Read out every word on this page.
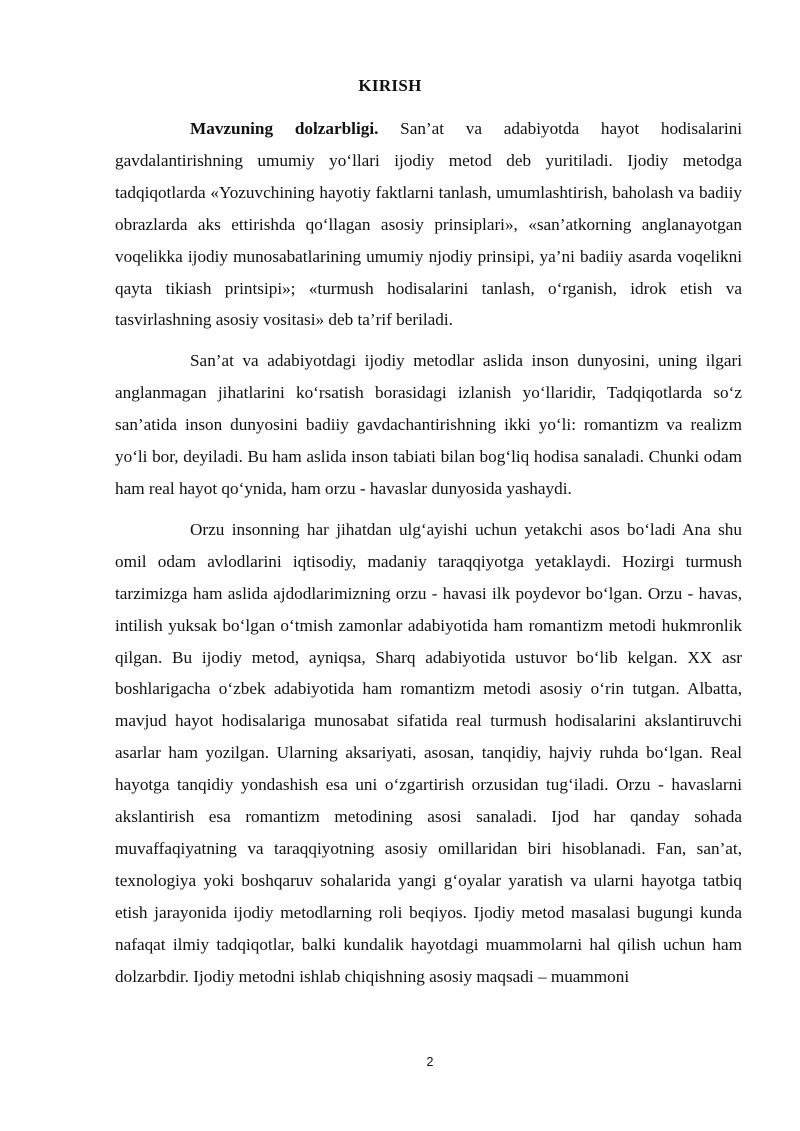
KIRISH

Mavzuning dolzarbligi. San’at va adabiyotda hayot hodisalarini gavdalantirishning umumiy yo‘llari ijodiy metod deb yuritiladi. Ijodiy metodga tadqiqotlarda «Yozuvchining hayotiy faktlarni tanlash, umumlashtirish, baholash va badiiy obrazlarda aks ettirishda qo‘llagan asosiy prinsiplari», «san’atkorning anglanayotgan voqelikka ijodiy munosabatlarining umumiy njodiy prinsipi, ya’ni badiiy asarda voqelikni qayta tikiash printsipi»; «turmush hodisalarini tanlash, o‘rganish, idrok etish va tasvirlashning asosiy vositasi» deb ta’rif beriladi.

San’at va adabiyotdagi ijodiy metodlar aslida inson dunyosini, uning ilgari anglanmagan jihatlarini ko‘rsatish borasidagi izlanish yo‘llaridir, Tadqiqotlarda so‘z san’atida inson dunyosini badiiy gavdachantirishning ikki yo‘li: romantizm va realizm yo‘li bor, deyiladi. Bu ham aslida inson tabiati bilan bog‘liq hodisa sanaladi. Chunki odam ham real hayot qo‘ynida, ham orzu - havaslar dunyosida yashaydi.

Orzu insonning har jihatdan ulg‘ayishi uchun yetakchi asos bo‘ladi Ana shu omil odam avlodlarini iqtisodiy, madaniy taraqqiyotga yetaklaydi. Hozirgi turmush tarzimizga ham aslida ajdodlarimizning orzu - havasi ilk poydevor bo‘lgan. Orzu - havas, intilish yuksak bo‘lgan o‘tmish zamonlar adabiyotida ham romantizm metodi hukmronlik qilgan. Bu ijodiy metod, ayniqsa, Sharq adabiyotida ustuvor bo‘lib kelgan. XX asr boshlarigacha o‘zbek adabiyotida ham romantizm metodi asosiy o‘rin tutgan. Albatta, mavjud hayot hodisalariga munosabat sifatida real turmush hodisalarini akslantiruvchi asarlar ham yozilgan. Ularning aksariyati, asosan, tanqidiy, hajviy ruhda bo‘lgan. Real hayotga tanqidiy yondashish esa uni o‘zgartirish orzusidan tug‘iladi. Orzu - havaslarni akslantirish esa romantizm metodining asosi sanaladi. Ijod har qanday sohada muvaffaqiyatning va taraqqiyotning asosiy omillaridan biri hisoblanadi. Fan, san’at, texnologiya yoki boshqaruv sohalarida yangi g‘oyalar yaratish va ularni hayotga tatbiq etish jarayonida ijodiy metodlarning roli beqiyos. Ijodiy metod masalasi bugungi kunda nafaqat ilmiy tadqiqotlar, balki kundalik hayotdagi muammolarni hal qilish uchun ham dolzarbdir. Ijodiy metodni ishlab chiqishning asosiy maqsadi – muammoni

2
